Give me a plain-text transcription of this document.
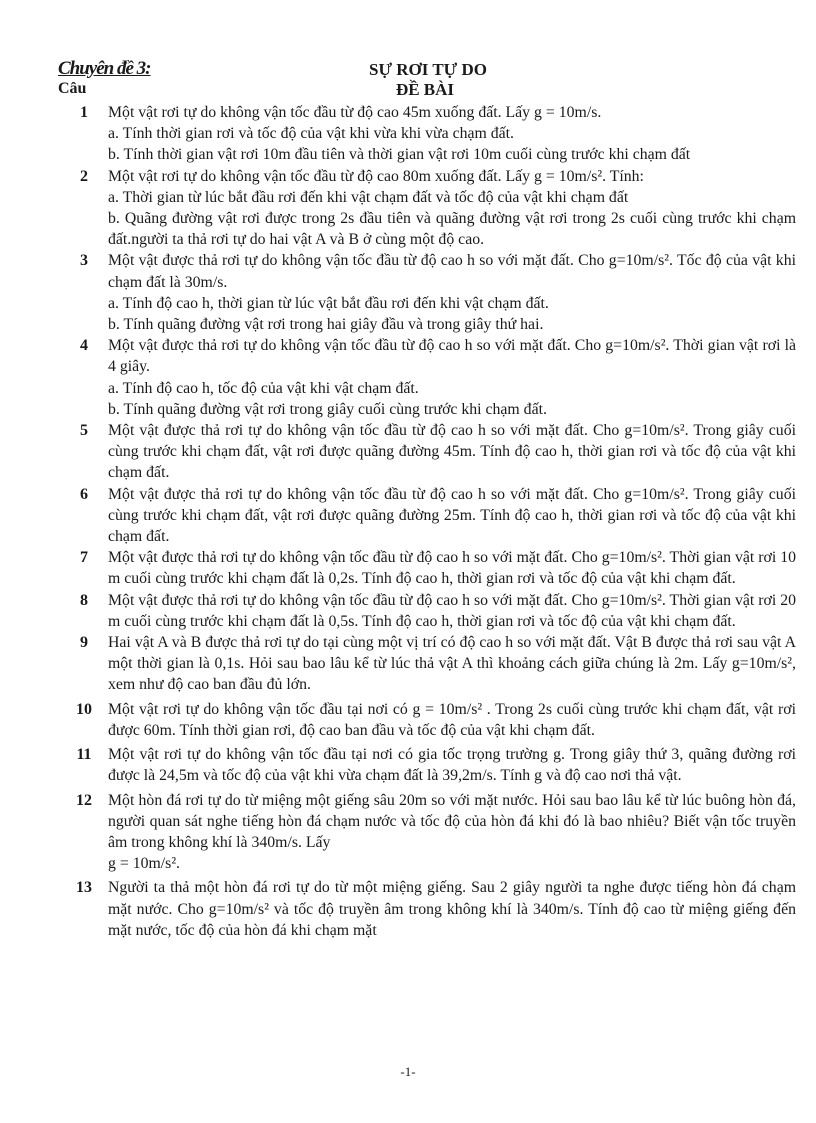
Chuyên đề 3:
Câu
SỰ RƠI TỰ DO
ĐỀ BÀI
1	Một vật rơi tự do không vận tốc đầu từ độ cao 45m xuống đất. Lấy g = 10m/s.

a. Tính thời gian rơi và tốc độ của vật khi vừa khi vừa chạm đất.

b. Tính thời gian vật rơi 10m đầu tiên và thời gian vật rơi 10m cuối cùng trước khi chạm đất

2	Một vật rơi tự do không vận tốc đầu từ độ cao 80m xuống đất. Lấy g = 10m/s². Tính:

a. Thời gian từ lúc bắt đầu rơi đến khi vật chạm đất và tốc độ của vật khi chạm đất

b. Quãng đường vật rơi được trong 2s đầu tiên và quãng đường vật rơi trong 2s cuối cùng trước khi chạm đất.người ta thả rơi tự do hai vật A và B ở cùng một độ cao.

3	Một vật được thả rơi tự do không vận tốc đầu từ độ cao h so với mặt đất. Cho g=10m/s². Tốc độ của vật khi chạm đất là 30m/s.

a. Tính độ cao h, thời gian từ lúc vật bắt đầu rơi đến khi vật chạm đất.

b. Tính quãng đường vật rơi trong hai giây đầu và trong giây thứ hai.

4	Một vật được thả rơi tự do không vận tốc đầu từ độ cao h so với mặt đất. Cho g=10m/s². Thời gian vật rơi là 4 giây.

a. Tính độ cao h, tốc độ của vật khi vật chạm đất.

b. Tính quãng đường vật rơi trong giây cuối cùng trước khi chạm đất.

5	Một vật được thả rơi tự do không vận tốc đầu từ độ cao h so với mặt đất. Cho g=10m/s². Trong giây cuối cùng trước khi chạm đất, vật rơi được quãng đường 45m. Tính độ cao h, thời gian rơi và tốc độ của vật khi chạm đất.

6	Một vật được thả rơi tự do không vận tốc đầu từ độ cao h so với mặt đất. Cho g=10m/s². Trong giây cuối cùng trước khi chạm đất, vật rơi được quãng đường 25m. Tính độ cao h, thời gian rơi và tốc độ của vật khi chạm đất.

7	Một vật được thả rơi tự do không vận tốc đầu từ độ cao h so với mặt đất. Cho g=10m/s². Thời gian vật rơi 10 m cuối cùng trước khi chạm đất là 0,2s. Tính độ cao h, thời gian rơi và tốc độ của vật khi chạm đất.

8	Một vật được thả rơi tự do không vận tốc đầu từ độ cao h so với mặt đất. Cho g=10m/s². Thời gian vật rơi 20 m cuối cùng trước khi chạm đất là 0,5s. Tính độ cao h, thời gian rơi và tốc độ của vật khi chạm đất.

9	Hai vật A và B được thả rơi tự do tại cùng một vị trí có độ cao h so với mặt đất. Vật B được thả rơi sau vật A một thời gian là 0,1s. Hỏi sau bao lâu kể từ lúc thả vật A thì khoảng cách giữa chúng là 2m. Lấy g=10m/s², xem như độ cao ban đầu đủ lớn.

10	Một vật rơi tự do không vận tốc đầu tại nơi có g = 10m/s² . Trong 2s cuối cùng trước khi chạm đất, vật rơi được 60m. Tính thời gian rơi, độ cao ban đầu và tốc độ của vật khi chạm đất.

11	Một vật rơi tự do không vận tốc đầu tại nơi có gia tốc trọng trường g. Trong giây thứ 3, quãng đường rơi được là 24,5m và tốc độ của vật khi vừa chạm đất là 39,2m/s. Tính g và độ cao nơi thả vật.

12	Một hòn đá rơi tự do từ miệng một giếng sâu 20m so với mặt nước. Hỏi sau bao lâu kể từ lúc buông hòn đá, người quan sát nghe tiếng hòn đá chạm nước và tốc độ của hòn đá khi đó là bao nhiêu? Biết vận tốc truyền âm trong không khí là 340m/s. Lấy

g = 10m/s².

13	Người ta thả một hòn đá rơi tự do từ một miệng giếng. Sau 2 giây người ta nghe được tiếng hòn đá chạm mặt nước. Cho g=10m/s² và tốc độ truyền âm trong không khí là 340m/s. Tính độ cao từ miệng giếng đến mặt nước, tốc độ của hòn đá khi chạm mặt

-1-
